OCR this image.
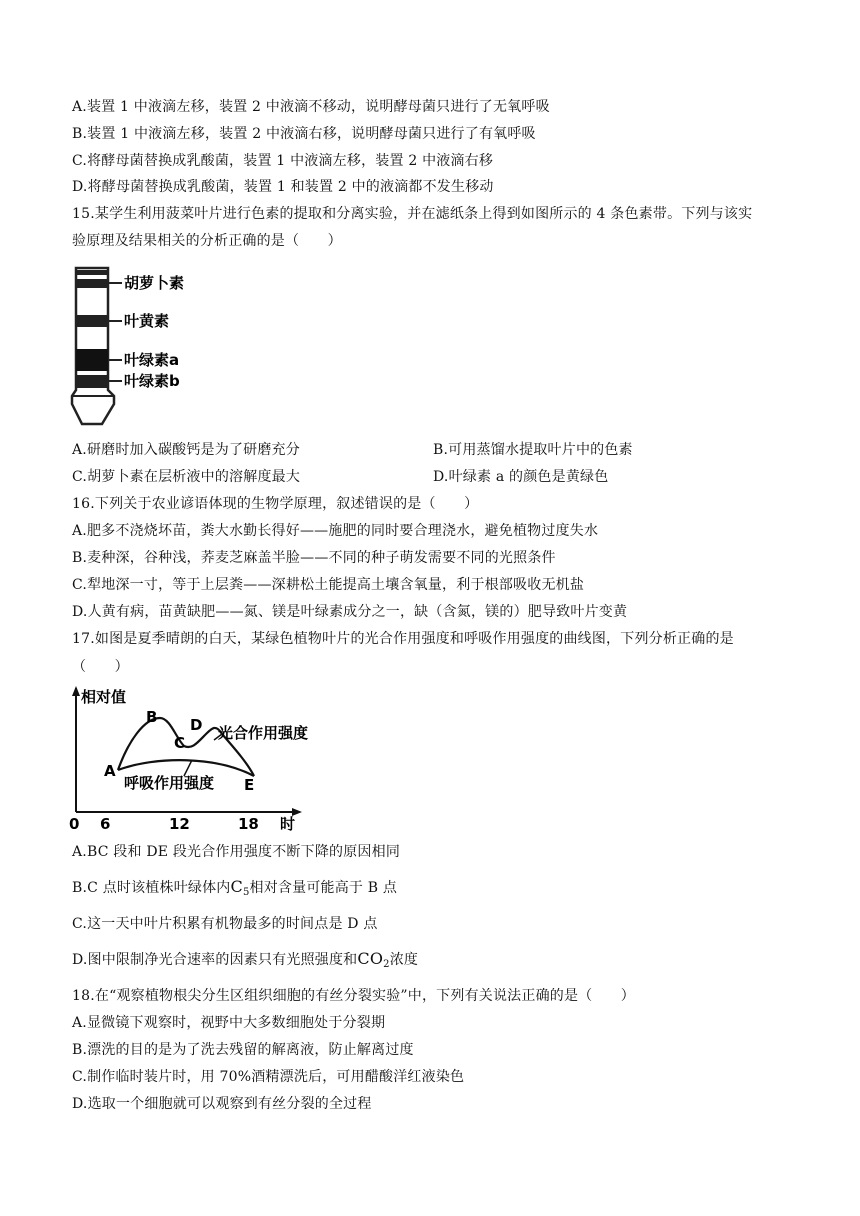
A.装置 1 中液滴左移，装置 2 中液滴不移动，说明酵母菌只进行了无氧呼吸
B.装置 1 中液滴左移，装置 2 中液滴右移，说明酵母菌只进行了有氧呼吸
C.将酵母菌替换成乳酸菌，装置 1 中液滴左移，装置 2 中液滴右移
D.将酵母菌替换成乳酸菌，装置 1 和装置 2 中的液滴都不发生移动
15.某学生利用菠菜叶片进行色素的提取和分离实验，并在滤纸条上得到如图所示的 4 条色素带。下列与该实
验原理及结果相关的分析正确的是（　　）
胡萝卜素
叶黄素
叶绿素a
叶绿素b
A.研磨时加入碳酸钙是为了研磨充分	B.可用蒸馏水提取叶片中的色素
C.胡萝卜素在层析液中的溶解度最大	D.叶绿素 a 的颜色是黄绿色
16.下列关于农业谚语体现的生物学原理，叙述错误的是（　　）
A.肥多不浇烧坏苗，粪大水勤长得好——施肥的同时要合理浇水，避免植物过度失水
B.麦种深，谷种浅，荞麦芝麻盖半脸——不同的种子萌发需要不同的光照条件
C.犁地深一寸，等于上层粪——深耕松土能提高土壤含氧量，利于根部吸收无机盐
D.人黄有病，苗黄缺肥——氮、镁是叶绿素成分之一，缺（含氮，镁的）肥导致叶片变黄
17.如图是夏季晴朗的白天，某绿色植物叶片的光合作用强度和呼吸作用强度的曲线图，下列分析正确的是
（　　）
相对值
0 6	12	18 时
A
B
C
D
E
光合作用强度
呼吸作用强度
A.BC 段和 DE 段光合作用强度不断下降的原因相同
B.C 点时该植株叶绿体内$C_5$相对含量可能高于 B 点
C.这一天中叶片积累有机物最多的时间点是 D 点
D.图中限制净光合速率的因素只有光照强度和$CO_2$浓度
18.在“观察植物根尖分生区组织细胞的有丝分裂实验”中，下列有关说法正确的是（　　）
A.显微镜下观察时，视野中大多数细胞处于分裂期
B.漂洗的目的是为了洗去残留的解离液，防止解离过度
C.制作临时装片时，用 70%酒精漂洗后，可用醋酸洋红液染色
D.选取一个细胞就可以观察到有丝分裂的全过程
